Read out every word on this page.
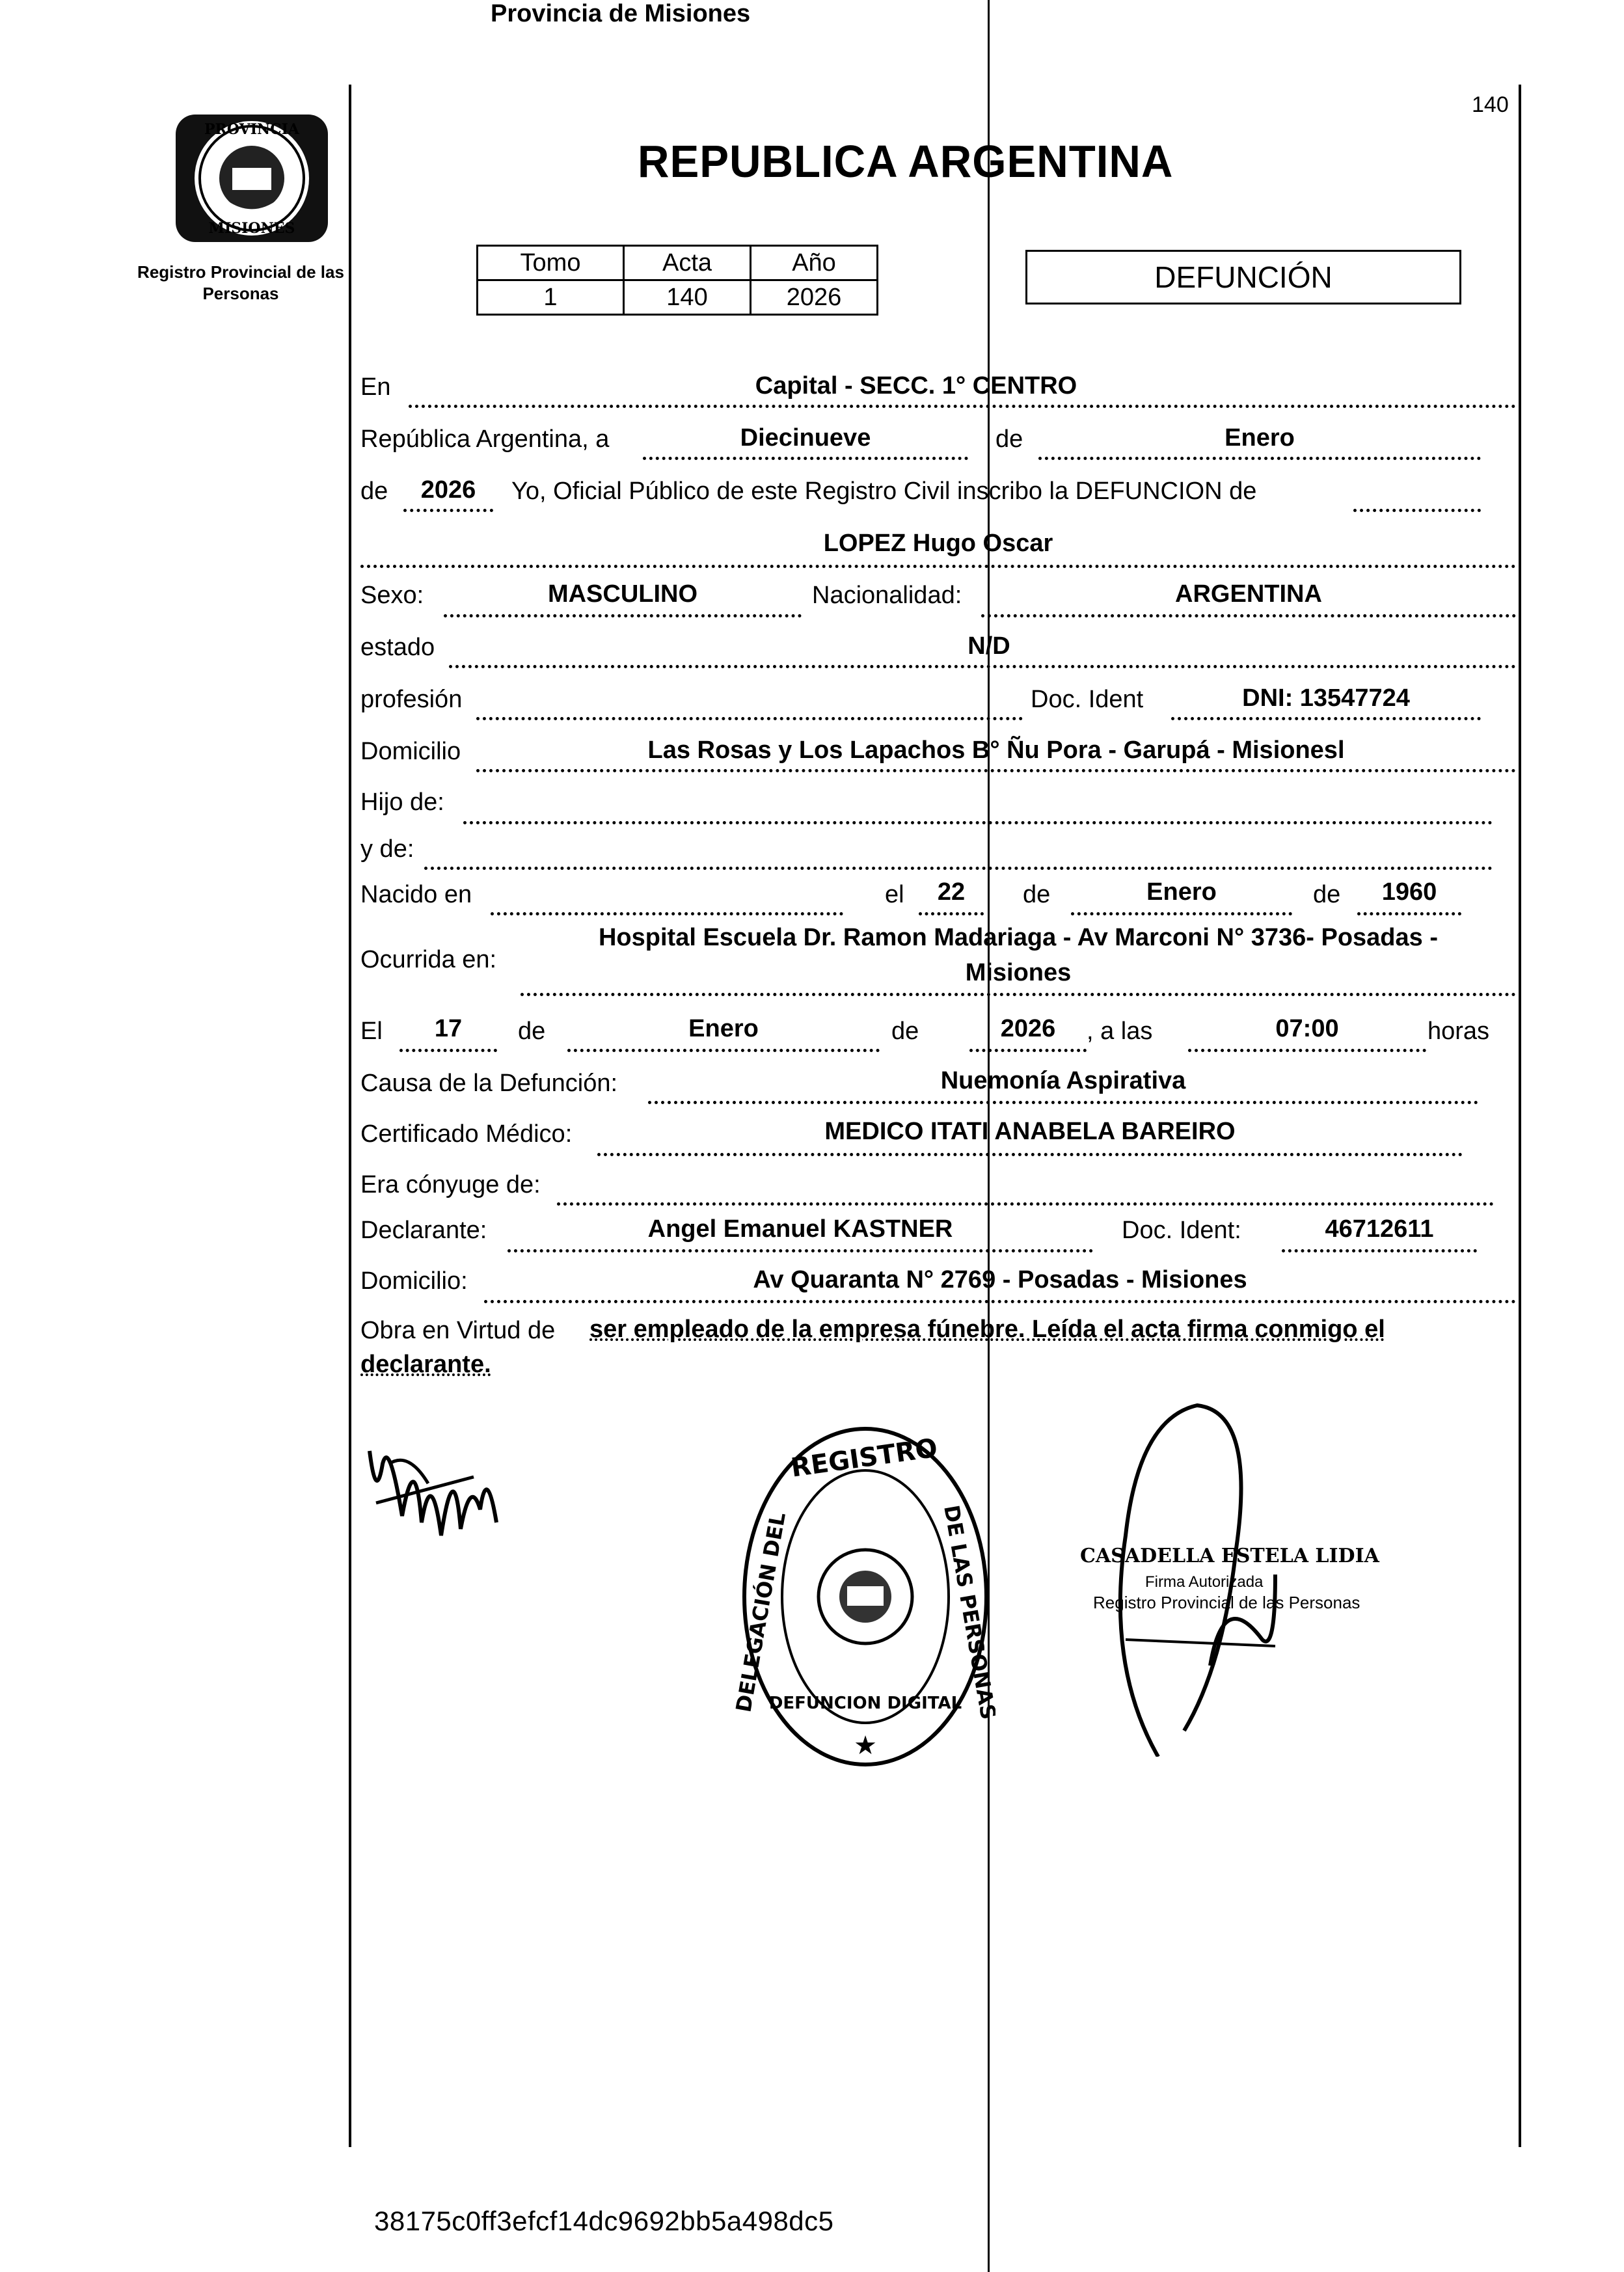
PROVINCIA
MISIONES
Registro Provincial de las Personas
140
REPUBLICA ARGENTINA
Tomo	Acta	Año
1	140	2026
DEFUNCIÓN
En	Capital - SECC. 1° CENTRO
República Argentina, a	Diecinueve	de	Enero
de	2026	Yo, Oficial Público de este Registro Civil inscribo la DEFUNCION de
LOPEZ Hugo Oscar
Sexo:	MASCULINO	Nacionalidad:	ARGENTINA
estado	N/D
profesión	Doc. Ident	DNI: 13547724
Domicilio	Las Rosas y Los Lapachos B° Ñu Pora - Garupá - Misionesl
Hijo de:
y de:
Nacido en
Provincia de Misiones
el	22	de	Enero	de	1960
Ocurrida en:
Hospital Escuela Dr. Ramon Madariaga - Av Marconi N° 3736- Posadas -
Misiones
El	17	de	Enero	de	2026	, a las	07:00	horas
Causa de la Defunción:	Nuemonía Aspirativa
Certificado Médico:	MEDICO ITATI ANABELA BAREIRO
Era cónyuge de:
Declarante:	Angel Emanuel KASTNER	Doc. Ident:	46712611
Domicilio:	Av Quaranta N° 2769 - Posadas - Misiones
Obra en Virtud de ser empleado de la empresa fúnebre. Leída el acta firma conmigo el
declarante.
REGISTRO
DELEGACIÓN DEL	DE LAS PERSONAS
DEFUNCION DIGITAL
★
CASADELLA ESTELA LIDIA
Firma Autorizada
Registro Provincial de las Personas
38175c0ff3efcf14dc9692bb5a498dc5
